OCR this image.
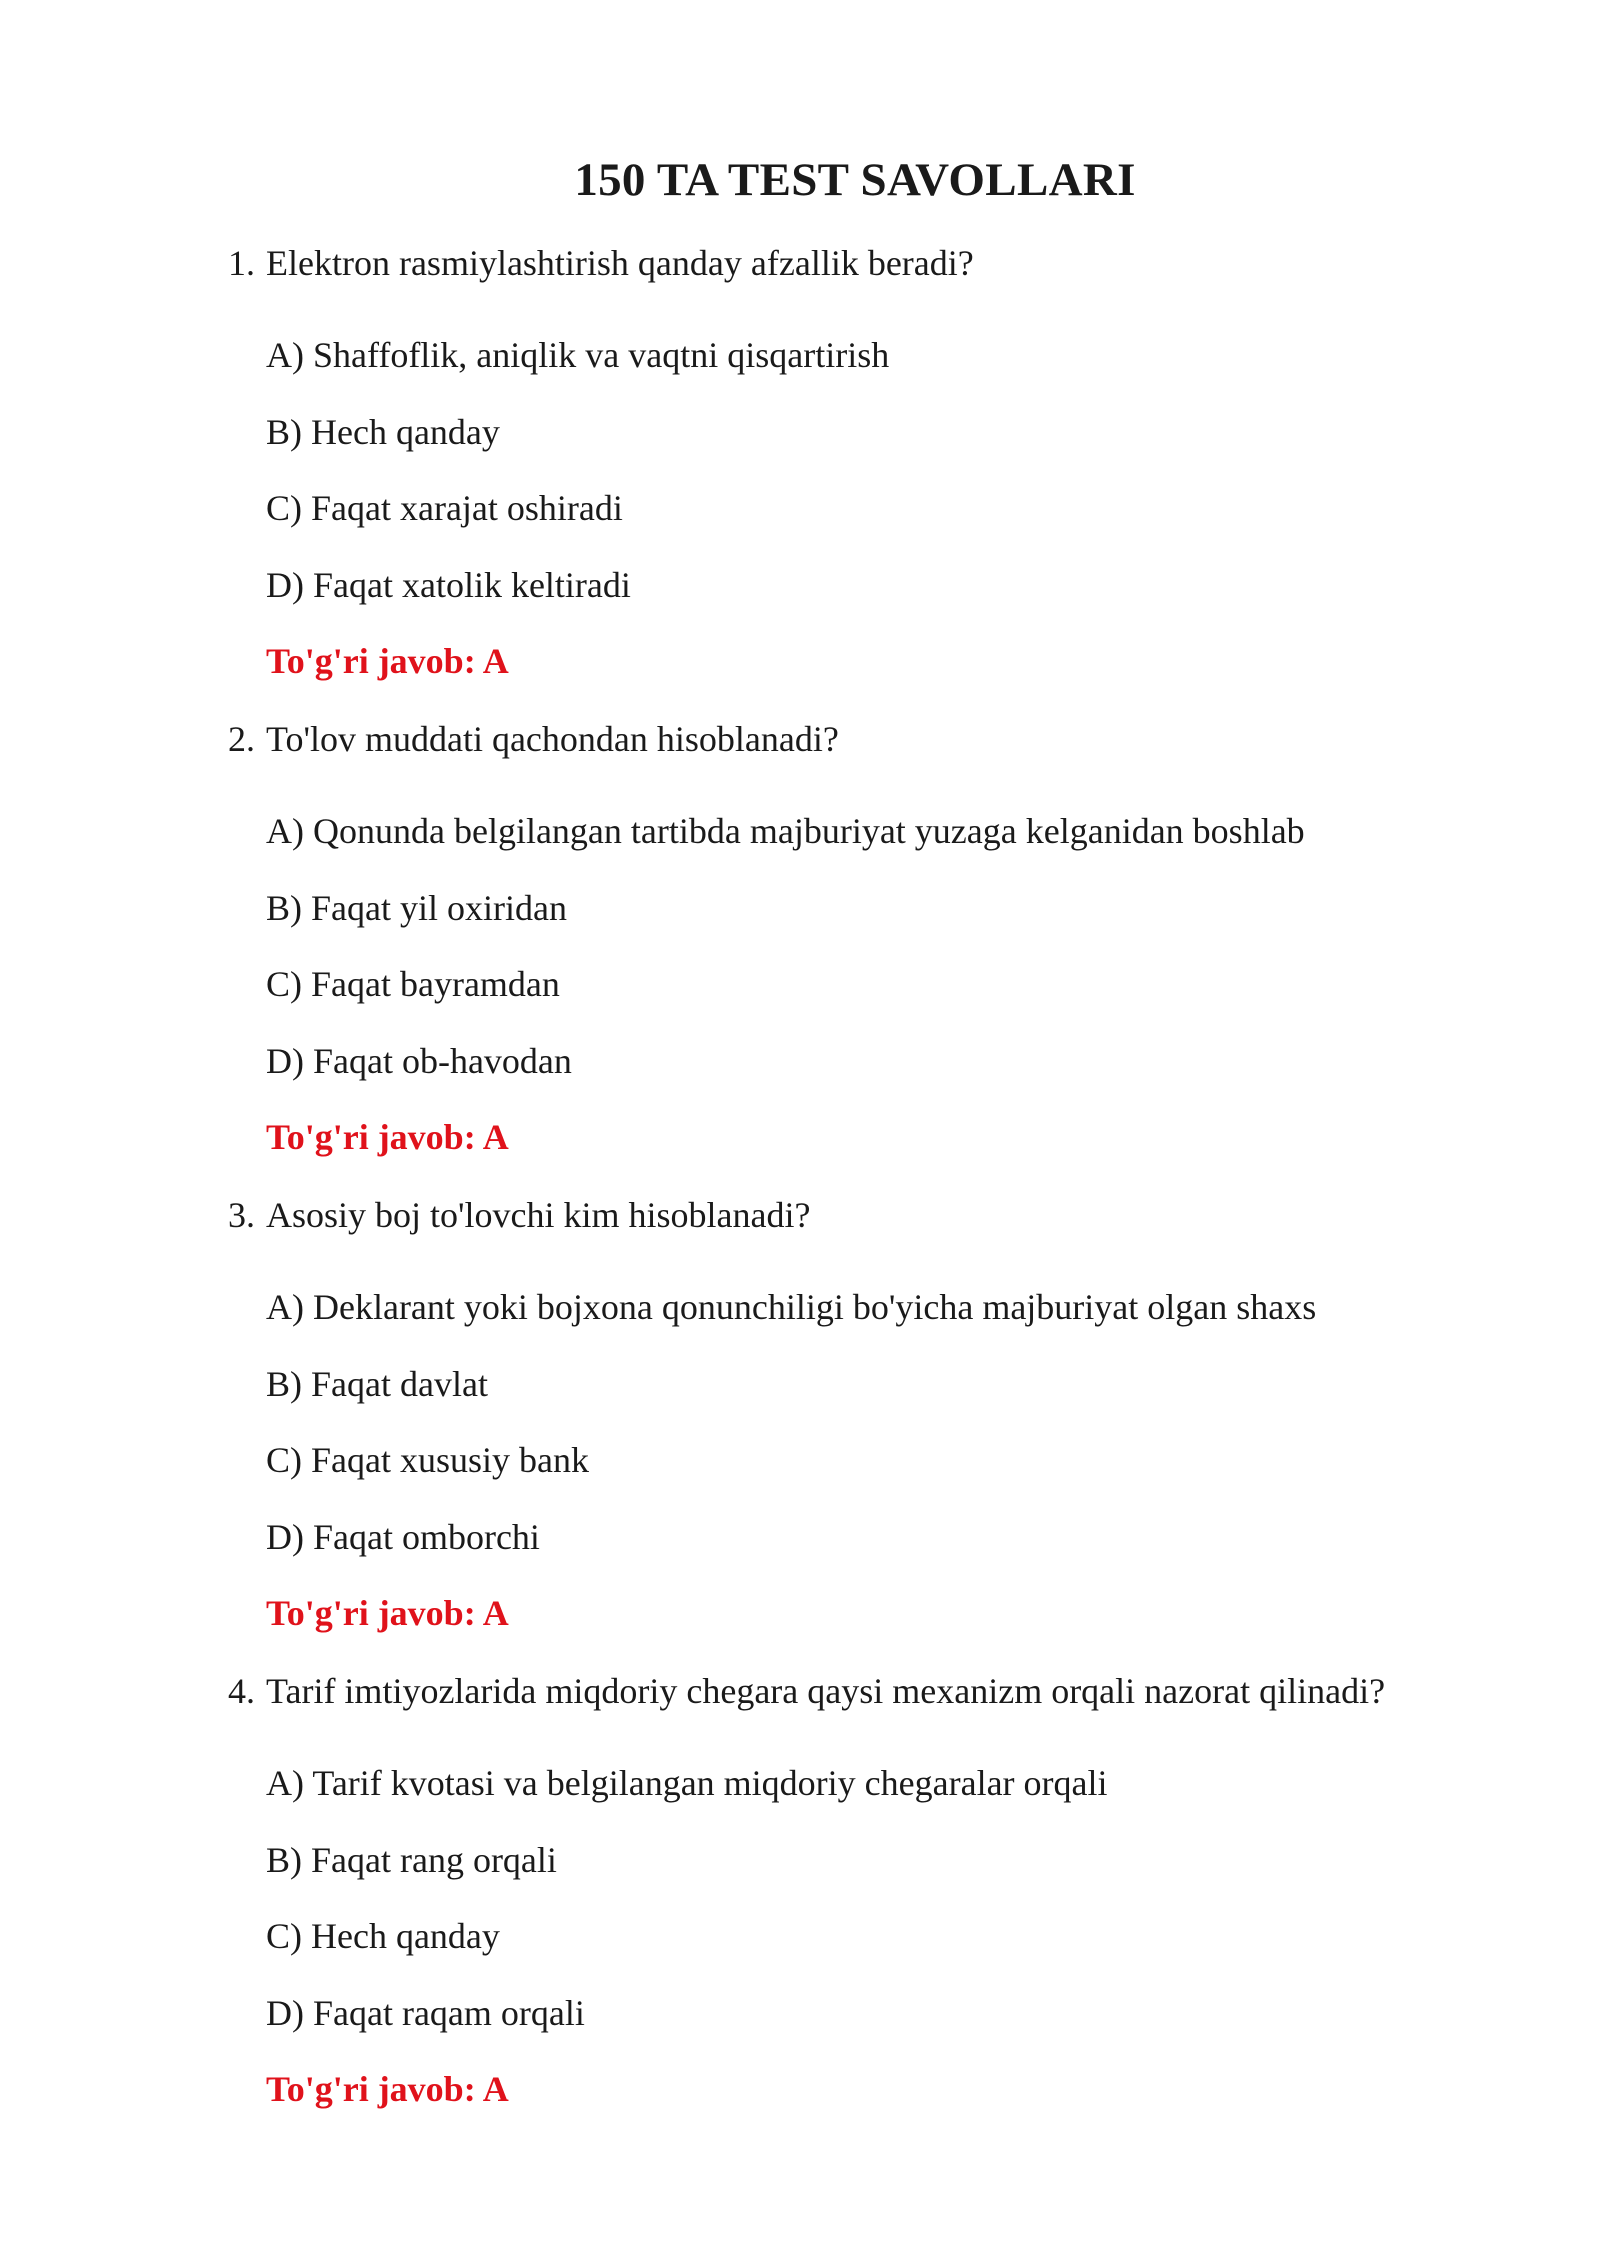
150 TA TEST SAVOLLARI
1. Elektron rasmiylashtirish qanday afzallik beradi?
A) Shaffoflik, aniqlik va vaqtni qisqartirish
B) Hech qanday
C) Faqat xarajat oshiradi
D) Faqat xatolik keltiradi
To'g'ri javob: A
2. To'lov muddati qachondan hisoblanadi?
A) Qonunda belgilangan tartibda majburiyat yuzaga kelganidan boshlab
B) Faqat yil oxiridan
C) Faqat bayramdan
D) Faqat ob-havodan
To'g'ri javob: A
3. Asosiy boj to'lovchi kim hisoblanadi?
A) Deklarant yoki bojxona qonunchiligi bo'yicha majburiyat olgan shaxs
B) Faqat davlat
C) Faqat xususiy bank
D) Faqat omborchi
To'g'ri javob: A
4. Tarif imtiyozlarida miqdoriy chegara qaysi mexanizm orqali nazorat qilinadi?
A) Tarif kvotasi va belgilangan miqdoriy chegaralar orqali
B) Faqat rang orqali
C) Hech qanday
D) Faqat raqam orqali
To'g'ri javob: A
